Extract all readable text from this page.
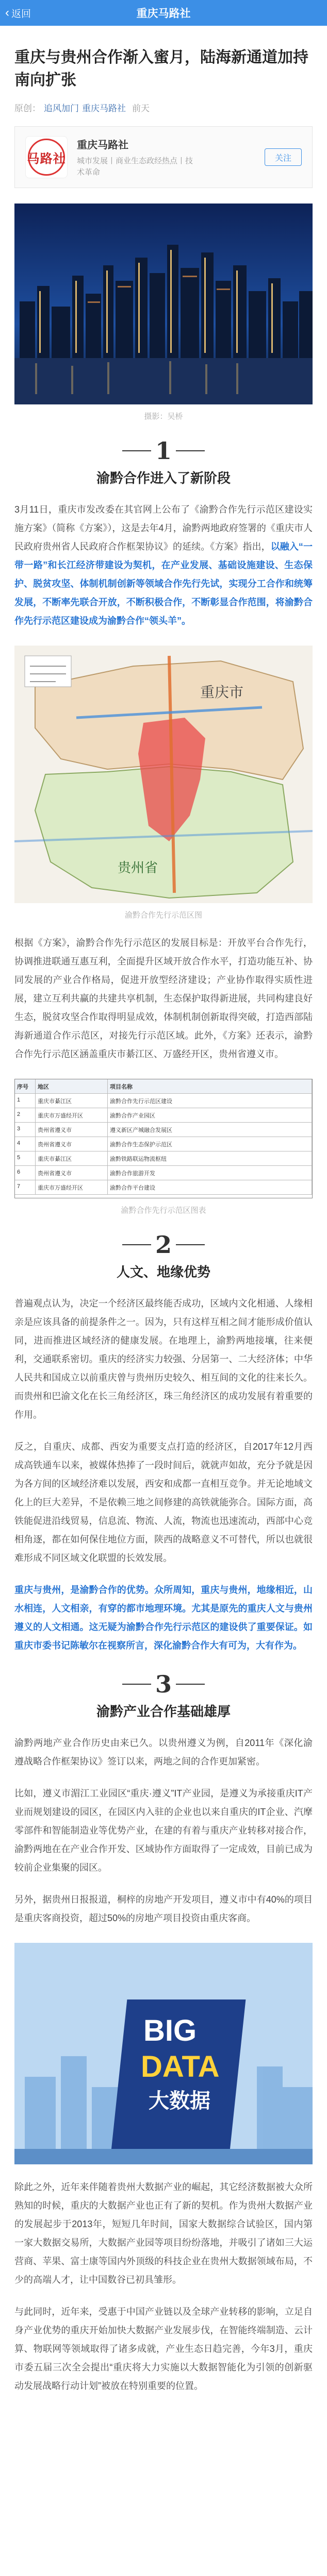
‹ 返回	重庆马路社
重庆与贵州合作渐入蜜月，陆海新通道加持南向扩张
原创： 追风加门 重庆马路社 前天
马路社
重庆马路社
城市发展丨商业生态政经热点丨技术革命
关注
摄影：吴桥
1
渝黔合作进入了新阶段

3月11日，重庆市发改委在其官网上公布了《渝黔合作先行示范区建设实施方案》（简称《方案》），这是去年4月，渝黔两地政府签署的《重庆市人民政府贵州省人民政府合作框架协议》的延续。《方案》指出，以融入“一带一路”和长江经济带建设为契机，在产业发展、基础设施建设、生态保护、脱贫攻坚、体制机制创新等领域合作先行先试，实现分工合作和统筹发展，不断率先联合开放，不断积极合作，不断彰显合作范围，将渝黔合作先行示范区建设成为渝黔合作“领头羊”。

重庆市
贵州省
渝黔合作先行示范区图

根据《方案》，渝黔合作先行示范区的发展目标是：开放平台合作先行，协调推进联通互惠互利，全面提升区域开放合作水平，打造功能互补、协同发展的产业合作格局，促进开放型经济建设；产业协作取得实质性进展，建立互利共赢的共建共享机制，生态保护取得新进展，共同构建良好生态，脱贫攻坚合作取得明显成效，体制机制创新取得突破，打造西部陆海新通道合作示范区，对接先行示范区域。此外，《方案》还表示，渝黔合作先行示范区涵盖重庆市綦江区、万盛经开区，贵州省遵义市。

序号	地区	项目名称
1	重庆市綦江区	渝黔合作先行示范区建设
2	重庆市万盛经开区	渝黔合作产业园区
3	贵州省遵义市	遵义新区产城融合发展区
4	贵州省遵义市	渝黔合作生态保护示范区
5	重庆市綦江区	渝黔铁路联运物流枢纽
6	贵州省遵义市	渝黔合作旅游开发
7	重庆市万盛经开区	渝黔合作平台建设
渝黔合作先行示范区图表
2
人文、地缘优势

普遍观点认为，决定一个经济区最终能否成功，区域内文化相通、人缘相亲是应该具备的前提条件之一。因为，只有这样互相之间才能形成价值认同，进而推进区域经济的健康发展。在地理上，渝黔两地接壤，往来便利，交通联系密切。重庆的经济实力较强、分居第一、二大经济体；中华人民共和国成立以前重庆曾与贵州历史较久、相互间的文化的往来长久。而贵州和巴渝文化在长三角经济区，珠三角经济区的成功发展有着重要的作用。

反之，自重庆、成都、西安为重要支点打造的经济区，自2017年12月西成高铁通车以来，被媒体热捧了一段时间后，就就声如故，充分予就是因为各方间的区域经济难以发展，西安和成都一直相互竞争。并无论地域文化上的巨大差异，不是依赖三地之间修建的高铁就能弥合。国际方面，高铁能促进沿线贸易，信息流、物流、人流，物流也迅速流动，西部中心竞相角逐，都在如何保住地位方面，陕西的战略意义不可替代，所以也就很难形成不同区域文化联盟的长效发展。

重庆与贵州，是渝黔合作的优势。众所周知，重庆与贵州，地缘相近，山水相连，人文相亲，有穿的都市地理环境。尤其是原先的重庆人文与贵州遵义的人文相通。这无疑为渝黔合作先行示范区的建设供了重要保证。如重庆市委书记陈敏尔在视察所言，深化渝黔合作大有可为，大有作为。

3
渝黔产业合作基础雄厚

渝黔两地产业合作历史由来已久。以贵州遵义为例，自2011年《深化渝遵战略合作框架协议》签订以来，两地之间的合作更加紧密。

比如，遵义市湄江工业园区“重庆·遵义”IT产业园，是遵义为承接重庆IT产业而规划建设的园区，在园区内入驻的企业也以来自重庆的IT企业、汽摩零部件和智能制造业等优势产业，在建的有着与重庆产业转移对接合作，渝黔两地在在产业合作开发、区域协作方面取得了一定成效，目前已成为较前企业集聚的园区。

另外，据贵州日报报道，桐梓的房地产开发项目，遵义市中有40%的项目是重庆客商投资，超过50%的房地产项目投资由重庆客商。

BIG
DATA
大数据

除此之外，近年来伴随着贵州大数据产业的崛起，其它经济数据被大众所熟知的时候，重庆的大数据产业也正有了新的契机。作为贵州大数据产业的发展起步于2013年，短短几年时间，国家大数据综合试验区，国内第一家大数据交易所，大数据产业园等项目纷纷落地，并吸引了诸如三大运营商、苹果、富士康等国内外顶级的科技企业在贵州大数据领域布局，不少的高端人才，让中国数谷已初具雏形。

与此同时，近年来，受惠于中国产业链以及全球产业转移的影响，立足自身产业优势的重庆开始加快大数据产业发展步伐，在智能终端制造、云计算、物联网等领域取得了诸多成就，产业生态日趋完善，今年3月，重庆市委五届三次全会提出“重庆将大力实施以大数据智能化为引领的创新驱动发展战略行动计划”被放在特别重要的位置。
